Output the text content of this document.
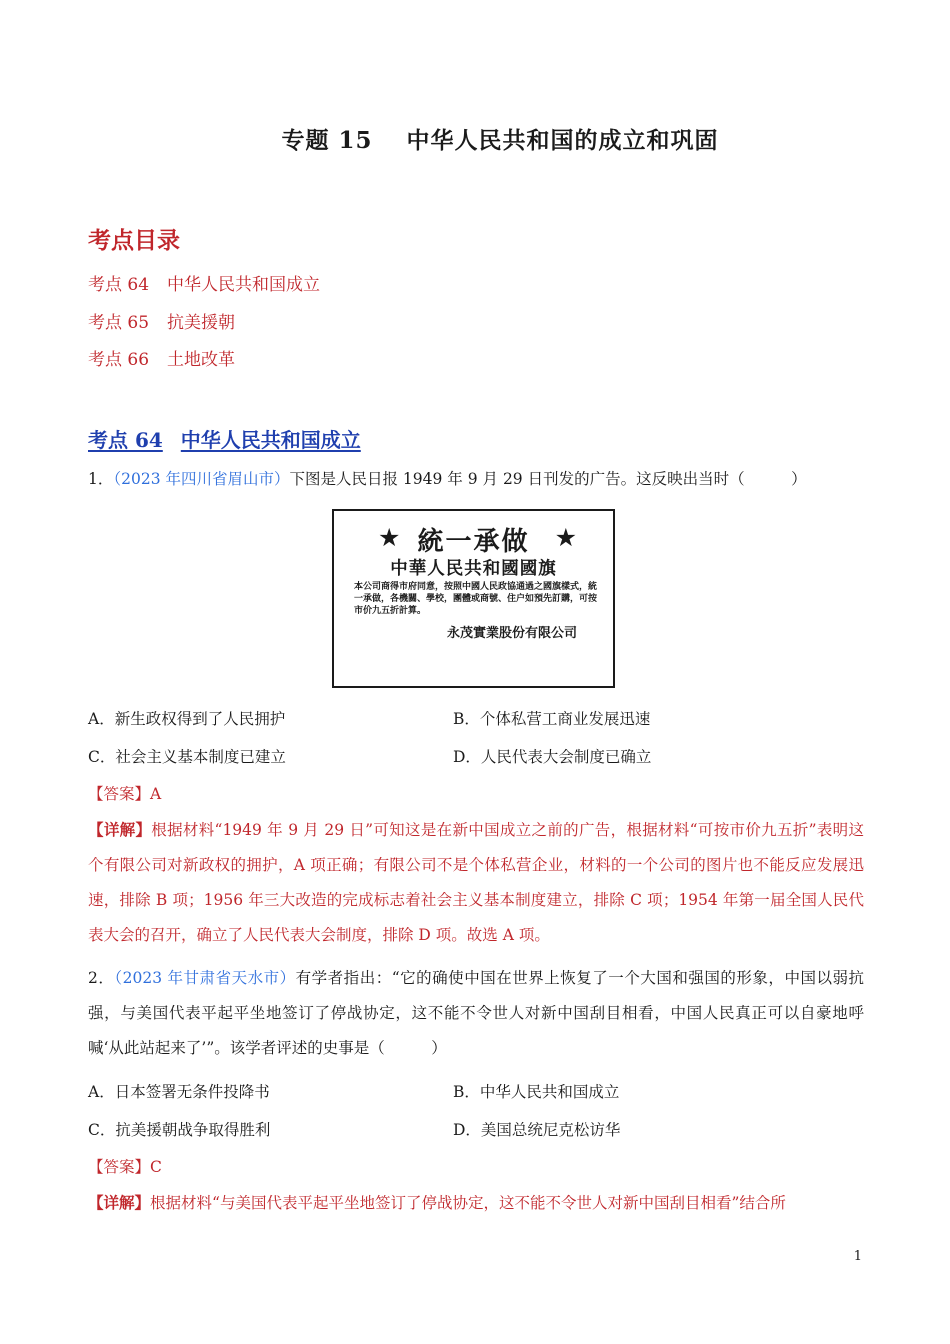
专题 15 中华人民共和国的成立和巩固
考点目录
考点 64 中华人民共和国成立
考点 65 抗美援朝
考点 66 土地改革
考点 64 中华人民共和国成立
1．（2023 年四川省眉山市）下图是人民日报 1949 年 9 月 29 日刊发的广告。这反映出当时（　　　）
★	★
統一承做
中華人民共和國國旗
本公司商得市府同意，按照中國人民政協通過之國旗樣式，統一承做，各機關、學校，團體或商號、住户如預先訂購，可按市价九五折計算。
永茂實業股份有限公司
A．新生政权得到了人民拥护	B．个体私营工商业发展迅速
C．社会主义基本制度已建立	D．人民代表大会制度已确立
【答案】A
【详解】根据材料“1949 年 9 月 29 日”可知这是在新中国成立之前的广告，根据材料“可按市价九五折”表明这个有限公司对新政权的拥护，A 项正确；有限公司不是个体私营企业，材料的一个公司的图片也不能反应发展迅速，排除 B 项；1956 年三大改造的完成标志着社会主义基本制度建立，排除 C 项；1954 年第一届全国人民代表大会的召开，确立了人民代表大会制度，排除 D 项。故选 A 项。
2．（2023 年甘肃省天水市）有学者指出：“它的确使中国在世界上恢复了一个大国和强国的形象，中国以弱抗强，与美国代表平起平坐地签订了停战协定，这不能不令世人对新中国刮目相看，中国人民真正可以自豪地呼喊‘从此站起来了’”。该学者评述的史事是（　　　）
A．日本签署无条件投降书	B．中华人民共和国成立
C．抗美援朝战争取得胜利	D．美国总统尼克松访华
【答案】C
【详解】根据材料“与美国代表平起平坐地签订了停战协定，这不能不令世人对新中国刮目相看”结合所
1
